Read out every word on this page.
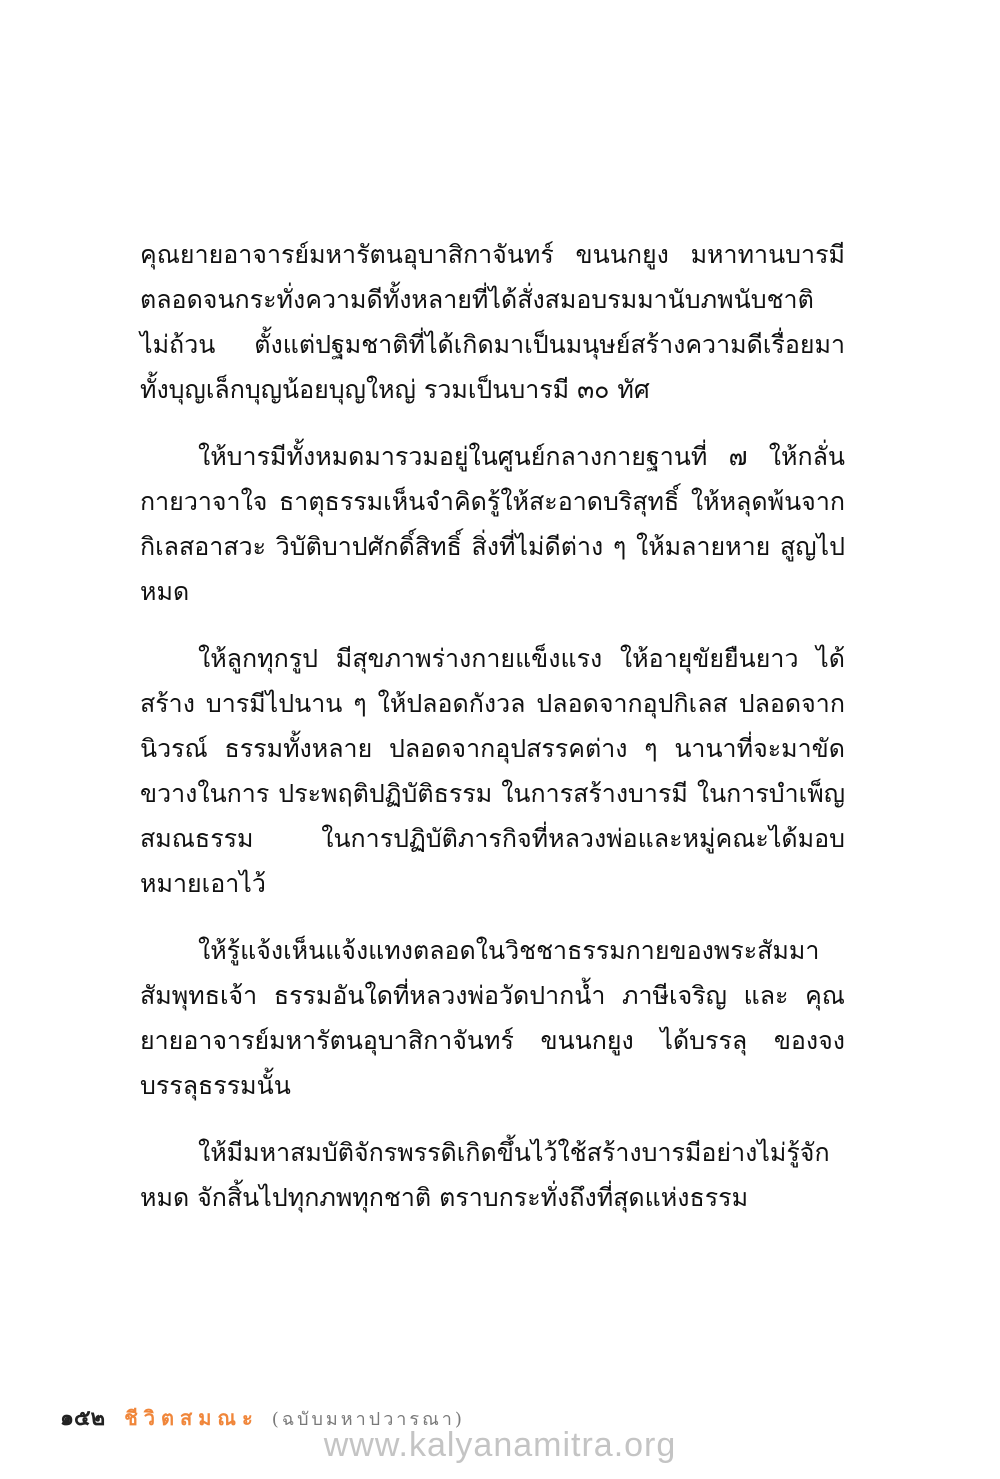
คุณยายอาจารย์มหารัตนอุบาสิกาจันทร์ ขนนกยูง มหาทานบารมี ตลอดจนกระทั่งความดีทั้งหลายที่ได้สั่งสมอบรมมานับภพนับชาติ ไม่ถ้วน ตั้งแต่ปฐมชาติที่ได้เกิดมาเป็นมนุษย์สร้างความดีเรื่อยมา ทั้งบุญเล็กบุญน้อยบุญใหญ่ รวมเป็นบารมี ๓๐ ทัศ

ให้บารมีทั้งหมดมารวมอยู่ในศูนย์กลางกายฐานที่ ๗ ให้กลั่น กายวาจาใจ ธาตุธรรมเห็นจำคิดรู้ให้สะอาดบริสุทธิ์ ให้หลุดพ้นจาก กิเลสอาสวะ วิบัติบาปศักดิ์สิทธิ์ สิ่งที่ไม่ดีต่าง ๆ ให้มลายหาย สูญไปหมด

ให้ลูกทุกรูป มีสุขภาพร่างกายแข็งแรง ให้อายุขัยยืนยาว ได้สร้าง บารมีไปนาน ๆ ให้ปลอดกังวล ปลอดจากอุปกิเลส ปลอดจากนิวรณ์ ธรรมทั้งหลาย ปลอดจากอุปสรรคต่าง ๆ นานาที่จะมาขัดขวางในการ ประพฤติปฏิบัติธรรม ในการสร้างบารมี ในการบำเพ็ญสมณธรรม ในการปฏิบัติภารกิจที่หลวงพ่อและหมู่คณะได้มอบหมายเอาไว้

ให้รู้แจ้งเห็นแจ้งแทงตลอดในวิชชาธรรมกายของพระสัมมา สัมพุทธเจ้า ธรรมอันใดที่หลวงพ่อวัดปากน้ำ ภาษีเจริญ และ คุณยายอาจารย์มหารัตนอุบาสิกาจันทร์ ขนนกยูง ได้บรรลุ ของจง บรรลุธรรมนั้น

ให้มีมหาสมบัติจักรพรรดิเกิดขึ้นไว้ใช้สร้างบารมีอย่างไม่รู้จักหมด จักสิ้นไปทุกภพทุกชาติ ตราบกระทั่งถึงที่สุดแห่งธรรม

๑๕๒ ชีวิตสมณะ (ฉบับมหาปวารณา)
www.kalyanamitra.org
